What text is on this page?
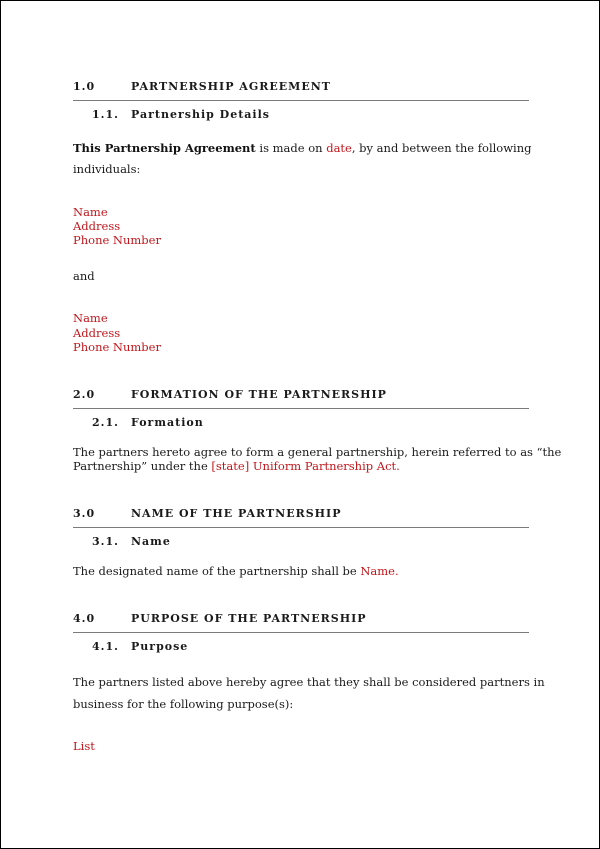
1.0	PARTNERSHIP AGREEMENT
1.1. Partnership Details
This Partnership Agreement is made on date, by and between the following
individuals:
Name
Address
Phone Number
and
Name
Address
Phone Number
2.0	FORMATION OF THE PARTNERSHIP
2.1. Formation
The partners hereto agree to form a general partnership, herein referred to as “the
Partnership” under the [state] Uniform Partnership Act.
3.0	NAME OF THE PARTNERSHIP
3.1. Name
The designated name of the partnership shall be Name.
4.0	PURPOSE OF THE PARTNERSHIP
4.1. Purpose
The partners listed above hereby agree that they shall be considered partners in
business for the following purpose(s):
List
